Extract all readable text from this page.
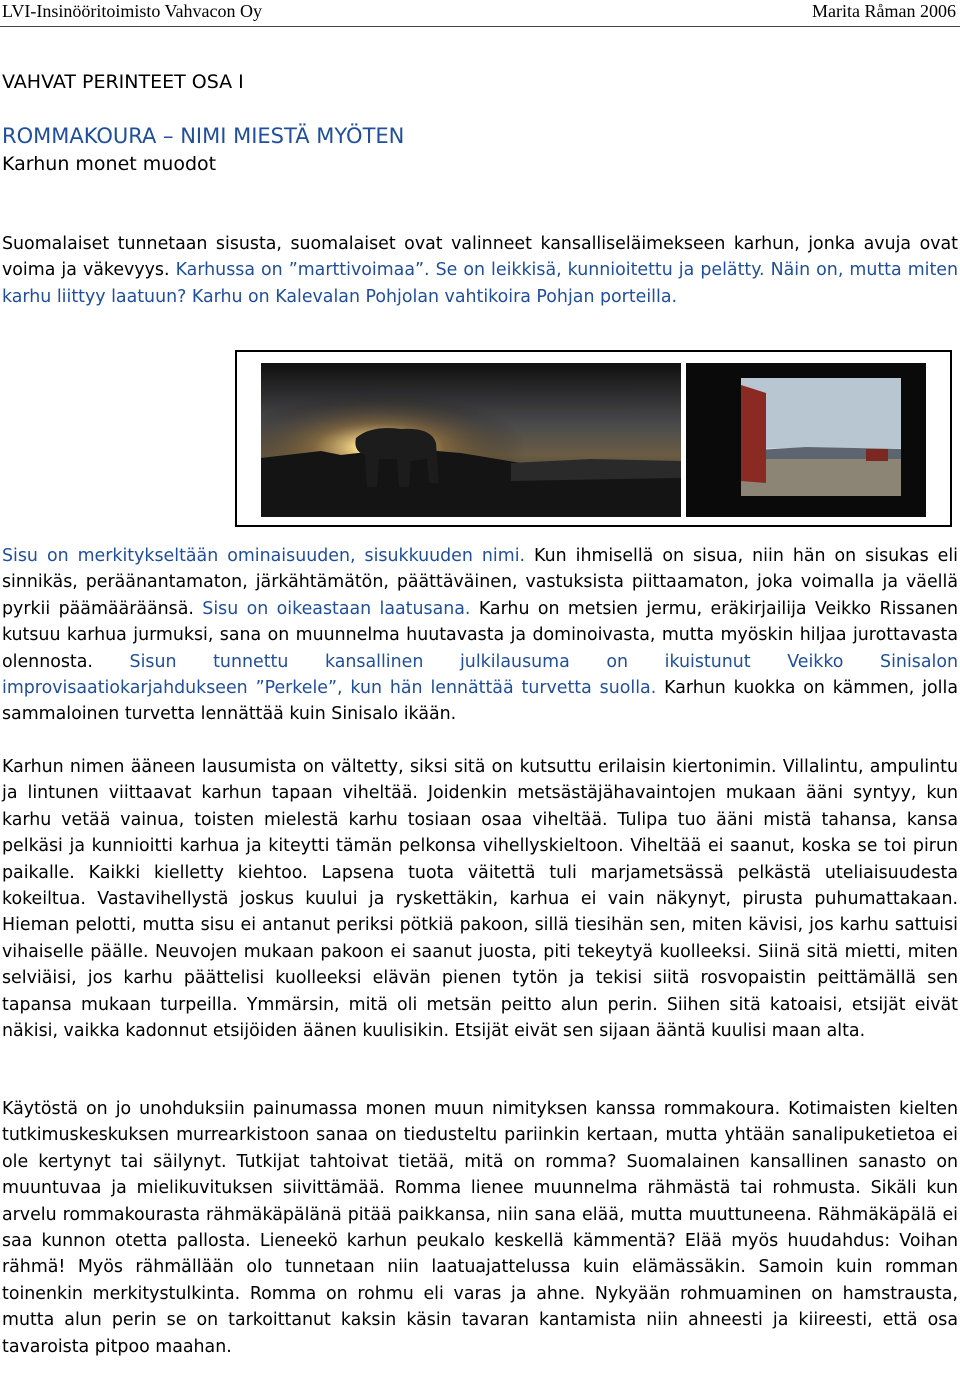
LVI-Insinööritoimisto Vahvacon Oy	Marita Råman 2006
VAHVAT PERINTEET OSA I
ROMMAKOURA – NIMI MIESTÄ MYÖTEN
Karhun monet muodot
Suomalaiset tunnetaan sisusta, suomalaiset ovat valinneet kansalliseläimekseen karhun, jonka avuja ovat voima ja väkevyys. Karhussa on ”marttivoimaa”. Se on leikkisä, kunnioitettu ja pelätty. Näin on, mutta miten karhu liittyy laatuun? Karhu on Kalevalan Pohjolan vahtikoira Pohjan porteilla.
Sisu on merkitykseltään ominaisuuden, sisukkuuden nimi. Kun ihmisellä on sisua, niin hän on sisukas eli sinnikäs, peräänantamaton, järkähtämätön, päättäväinen, vastuksista piittaamaton, joka voimalla ja väellä pyrkii päämääräänsä. Sisu on oikeastaan laatusana. Karhu on metsien jermu, eräkirjailija Veikko Rissanen kutsuu karhua jurmuksi, sana on muunnelma huutavasta ja dominoivasta, mutta myöskin hiljaa jurottavasta olennosta. Sisun tunnettu kansallinen julkilausuma on ikuistunut Veikko Sinisalon improvisaatiokarjahdukseen ”Perkele”, kun hän lennättää turvetta suolla. Karhun kuokka on kämmen, jolla sammaloinen turvetta lennättää kuin Sinisalo ikään.
Karhun nimen ääneen lausumista on vältetty, siksi sitä on kutsuttu erilaisin kiertonimin. Villalintu, ampulintu ja lintunen viittaavat karhun tapaan viheltää. Joidenkin metsästäjähavaintojen mukaan ääni syntyy, kun karhu vetää vainua, toisten mielestä karhu tosiaan osaa viheltää. Tulipa tuo ääni mistä tahansa, kansa pelkäsi ja kunnioitti karhua ja kiteytti tämän pelkonsa vihellyskieltoon. Viheltää ei saanut, koska se toi pirun paikalle. Kaikki kielletty kiehtoo. Lapsena tuota väitettä tuli marjametsässä pelkästä uteliaisuudesta kokeiltua. Vastavihellystä joskus kuului ja ryskettäkin, karhua ei vain näkynyt, pirusta puhumattakaan. Hieman pelotti, mutta sisu ei antanut periksi pötkiä pakoon, sillä tiesihän sen, miten kävisi, jos karhu sattuisi vihaiselle päälle. Neuvojen mukaan pakoon ei saanut juosta, piti tekeytyä kuolleeksi. Siinä sitä mietti, miten selviäisi, jos karhu päättelisi kuolleeksi elävän pienen tytön ja tekisi siitä rosvopaistin peittämällä sen tapansa mukaan turpeilla. Ymmärsin, mitä oli metsän peitto alun perin. Siihen sitä katoaisi, etsijät eivät näkisi, vaikka kadonnut etsijöiden äänen kuulisikin. Etsijät eivät sen sijaan ääntä kuulisi maan alta.
Käytöstä on jo unohduksiin painumassa monen muun nimityksen kanssa rommakoura. Kotimaisten kielten tutkimuskeskuksen murrearkistoon sanaa on tiedusteltu pariinkin kertaan, mutta yhtään sanalipuketietoa ei ole kertynyt tai säilynyt. Tutkijat tahtoivat tietää, mitä on romma? Suomalainen kansallinen sanasto on muuntuvaa ja mielikuvituksen siivittämää. Romma lienee muunnelma rähmästä tai rohmusta. Sikäli kun arvelu rommakourasta rähmäkäpälänä pitää paikkansa, niin sana elää, mutta muuttuneena. Rähmäkäpälä ei saa kunnon otetta pallosta. Lieneekö karhun peukalo keskellä kämmentä? Elää myös huudahdus: Voihan rähmä! Myös rähmällään olo tunnetaan niin laatuajattelussa kuin elämässäkin. Samoin kuin romman toinenkin merkitystulkinta. Romma on rohmu eli varas ja ahne. Nykyään rohmuaminen on hamstrausta, mutta alun perin se on tarkoittanut kaksin käsin tavaran kantamista niin ahneesti ja kiireesti, että osa tavaroista pitpoo maahan.
